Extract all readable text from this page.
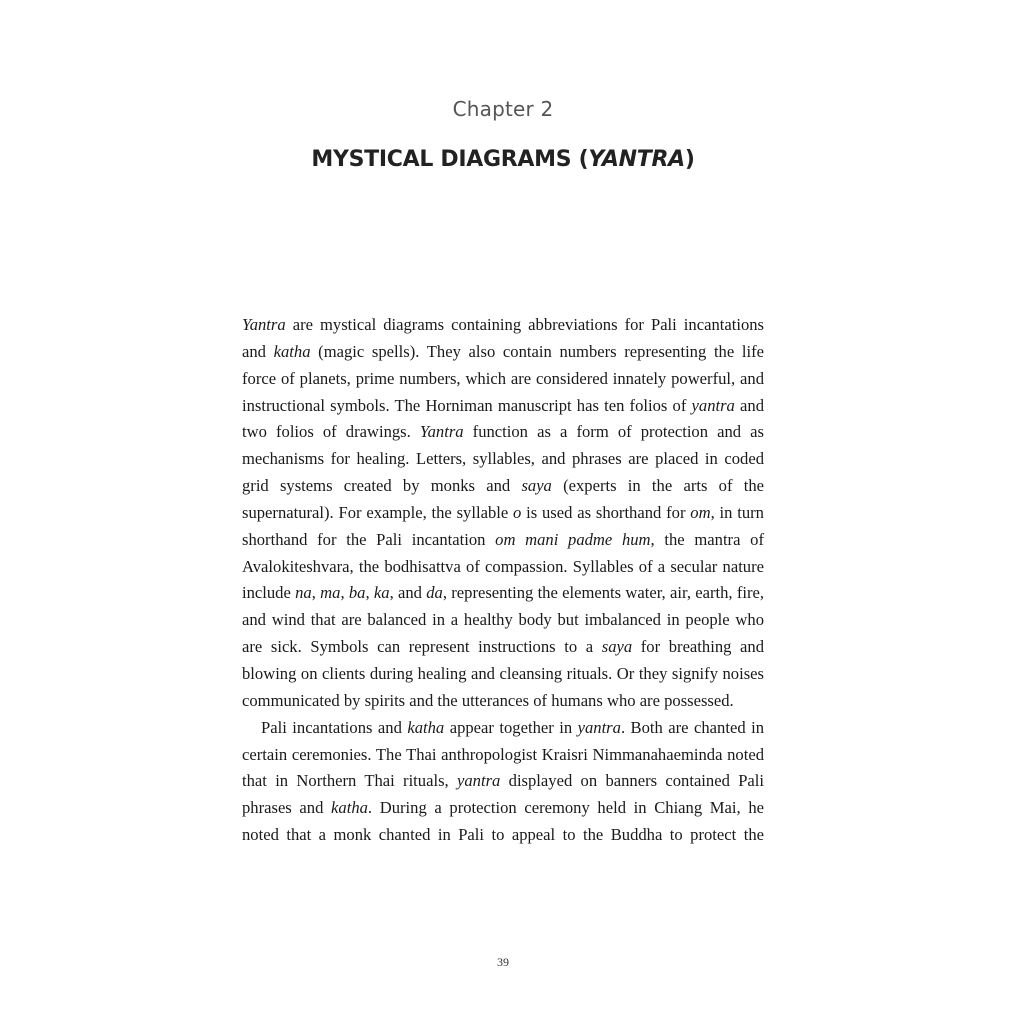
Chapter 2
MYSTICAL DIAGRAMS (YANTRA)

Yantra are mystical diagrams containing abbreviations for Pali incantations and katha (magic spells). They also contain numbers representing the life force of planets, prime numbers, which are considered innately powerful, and instructional symbols. The Horniman manuscript has ten folios of yantra and two folios of drawings. Yantra function as a form of protection and as mechanisms for healing. Letters, syllables, and phrases are placed in coded grid systems created by monks and saya (experts in the arts of the supernatural). For example, the syllable o is used as shorthand for om, in turn shorthand for the Pali incantation om mani padme hum, the mantra of Avalokiteshvara, the bodhisattva of compassion. Syllables of a secular nature include na, ma, ba, ka, and da, representing the elements water, air, earth, fire, and wind that are balanced in a healthy body but imbalanced in people who are sick. Symbols can represent instructions to a saya for breathing and blowing on clients during healing and cleansing rituals. Or they signify noises communicated by spirits and the utterances of humans who are possessed.

Pali incantations and katha appear together in yantra. Both are chanted in certain ceremonies. The Thai anthropologist Kraisri Nimmanahaeminda noted that in Northern Thai rituals, yantra displayed on banners contained Pali phrases and katha. During a protection ceremony held in Chiang Mai, he noted that a monk chanted in Pali to appeal to the Buddha to protect the

39
